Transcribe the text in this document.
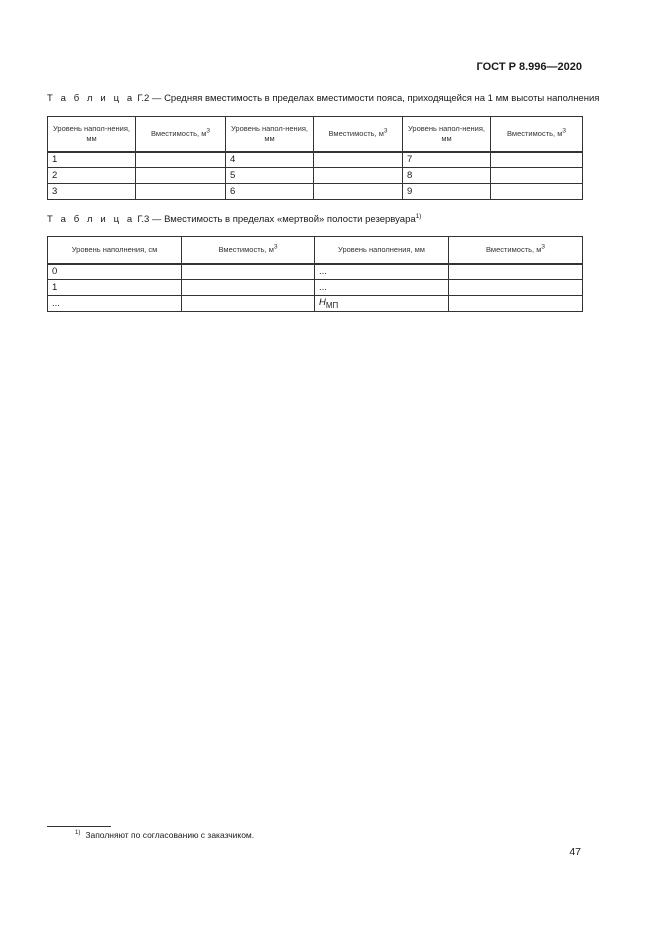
ГОСТ Р 8.996—2020
Т а б л и ц а Г.2 — Средняя вместимость в пределах вместимости пояса, приходящейся на 1 мм высоты наполнения
Уровень напол-нения, мм	Вместимость, $м^3$	Уровень напол-нения, мм	Вместимость, $м^3$	Уровень напол-нения, мм	Вместимость, $м^3$
1		4		7	
2		5		8	
3		6		9	
Т а б л и ц а Г.3 — Вместимость в пределах «мертвой» полости резервуара$^{1)}$
Уровень наполнения, см	Вместимость, $м^3$	Уровень наполнения, мм	Вместимость, $м^3$
0		...	
1		...	
...		$H_{МП}$	
$^{1)}$ Заполняют по согласованию с заказчиком.
47
